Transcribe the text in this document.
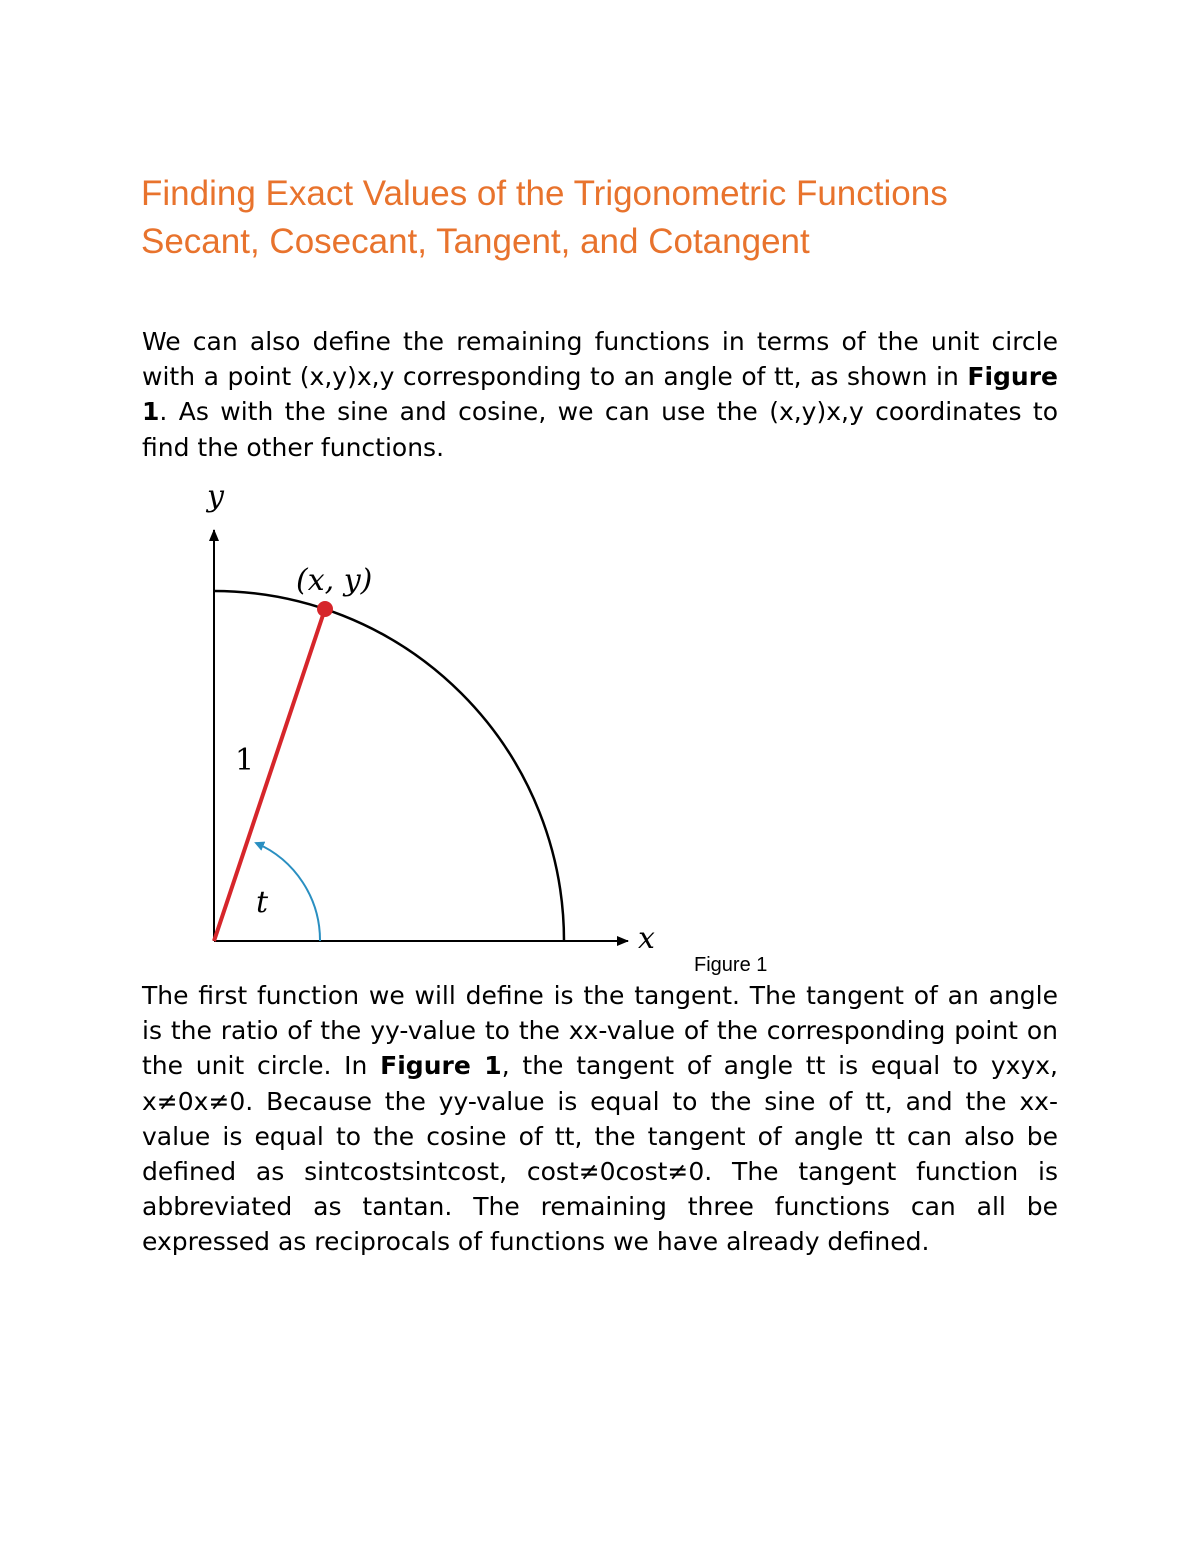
Finding Exact Values of the Trigonometric Functions Secant, Cosecant, Tangent, and Cotangent

We can also define the remaining functions in terms of the unit circle with a point (x,y)x,y corresponding to an angle of tt, as shown in Figure 1. As with the sine and cosine, we can use the (x,y)x,y coordinates to find the other functions.

y
x
(x, y)
1
t
Figure 1

The first function we will define is the tangent. The tangent of an angle is the ratio of the yy-value to the xx-value of the corresponding point on the unit circle. In Figure 1, the tangent of angle tt is equal to yxyx, x≠0x≠0. Because the yy-value is equal to the sine of tt, and the xx-value is equal to the cosine of tt, the tangent of angle tt can also be defined as sintcostsintcost, cost≠0cost≠0. The tangent function is abbreviated as tantan. The remaining three functions can all be expressed as reciprocals of functions we have already defined.
